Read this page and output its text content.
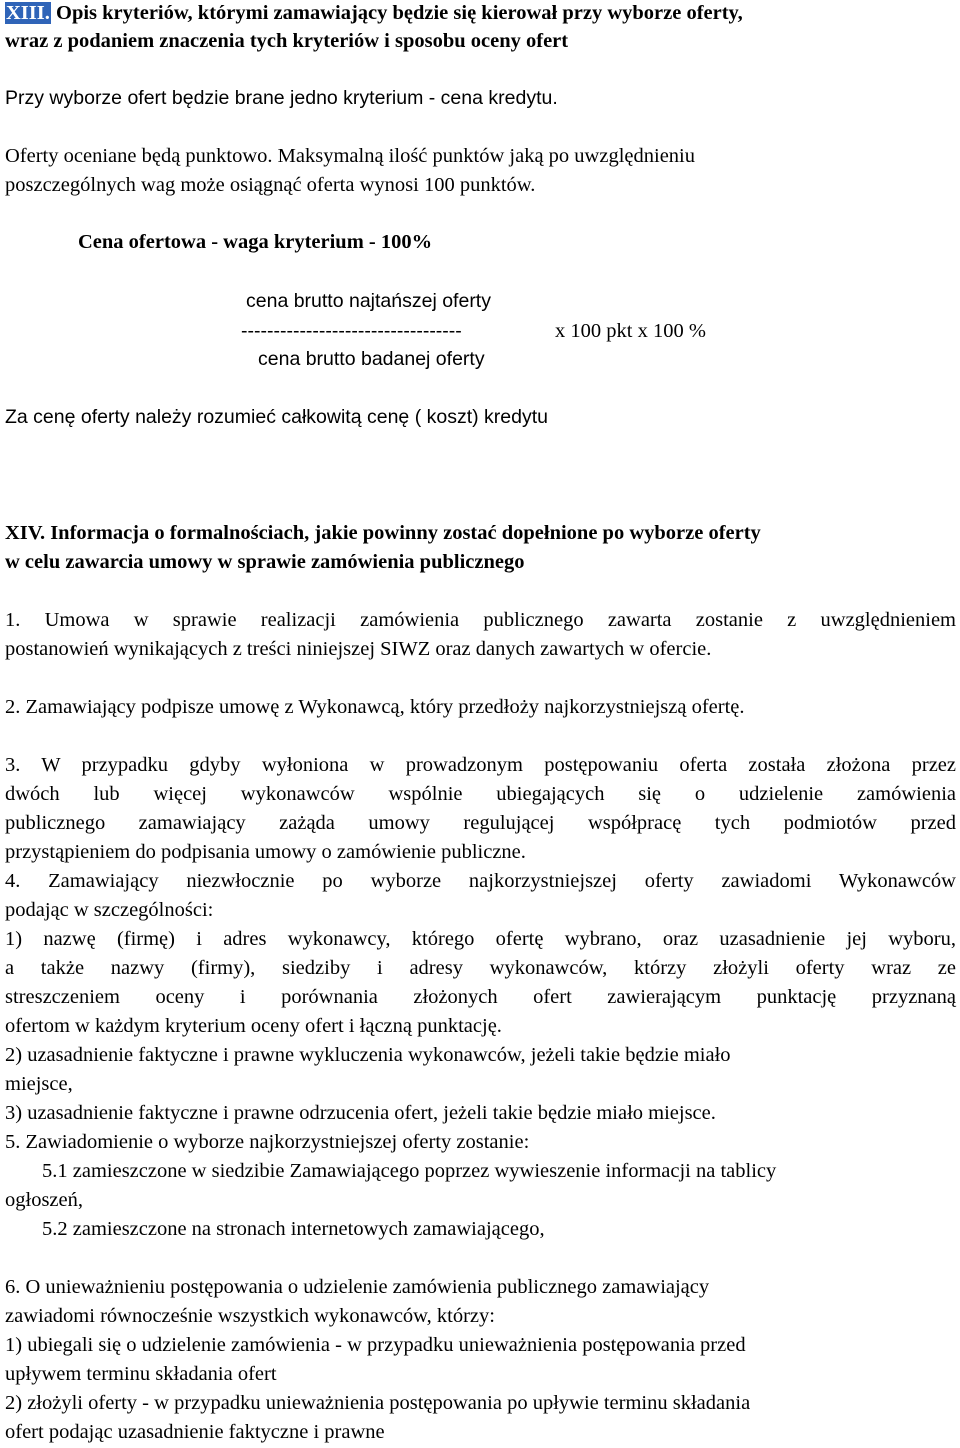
XIII. Opis kryteriów, którymi zamawiający będzie się kierował przy wyborze oferty,
wraz z podaniem znaczenia tych kryteriów i sposobu oceny ofert
Przy wyborze ofert będzie brane jedno kryterium - cena kredytu.
Oferty oceniane będą punktowo. Maksymalną ilość punktów jaką po uwzględnieniu
poszczególnych wag może osiągnąć oferta wynosi 100 punktów.
Cena ofertowa - waga kryterium - 100%
cena brutto najtańszej oferty
----------------------------------	x 100 pkt x 100 %
cena brutto badanej oferty
Za cenę oferty należy rozumieć całkowitą cenę ( koszt) kredytu
XIV. Informacja o formalnościach, jakie powinny zostać dopełnione po wyborze oferty
w celu zawarcia umowy w sprawie zamówienia publicznego
1. Umowa w sprawie realizacji zamówienia publicznego zawarta zostanie z uwzględnieniem
postanowień wynikających z treści niniejszej SIWZ oraz danych zawartych w ofercie.
2. Zamawiający podpisze umowę z Wykonawcą, który przedłoży najkorzystniejszą ofertę.
3. W przypadku gdyby wyłoniona w prowadzonym postępowaniu oferta została złożona przez
dwóch lub więcej wykonawców wspólnie ubiegających się o udzielenie zamówienia
publicznego zamawiający zażąda umowy regulującej współpracę tych podmiotów przed
przystąpieniem do podpisania umowy o zamówienie publiczne.
4. Zamawiający niezwłocznie po wyborze najkorzystniejszej oferty zawiadomi Wykonawców
podając w szczególności:
1) nazwę (firmę) i adres wykonawcy, którego ofertę wybrano, oraz uzasadnienie jej wyboru,
a także nazwy (firmy), siedziby i adresy wykonawców, którzy złożyli oferty wraz ze
streszczeniem oceny i porównania złożonych ofert zawierającym punktację przyznaną
ofertom w każdym kryterium oceny ofert i łączną punktację.
2) uzasadnienie faktyczne i prawne wykluczenia wykonawców, jeżeli takie będzie miało
miejsce,
3) uzasadnienie faktyczne i prawne odrzucenia ofert, jeżeli takie będzie miało miejsce.
5. Zawiadomienie o wyborze najkorzystniejszej oferty zostanie:
5.1 zamieszczone w siedzibie Zamawiającego poprzez wywieszenie informacji na tablicy
ogłoszeń,
5.2 zamieszczone na stronach internetowych zamawiającego,
6. O unieważnieniu postępowania o udzielenie zamówienia publicznego zamawiający
zawiadomi równocześnie wszystkich wykonawców, którzy:
1) ubiegali się o udzielenie zamówienia - w przypadku unieważnienia postępowania przed
upływem terminu składania ofert
2) złożyli oferty - w przypadku unieważnienia postępowania po upływie terminu składania
ofert podając uzasadnienie faktyczne i prawne
